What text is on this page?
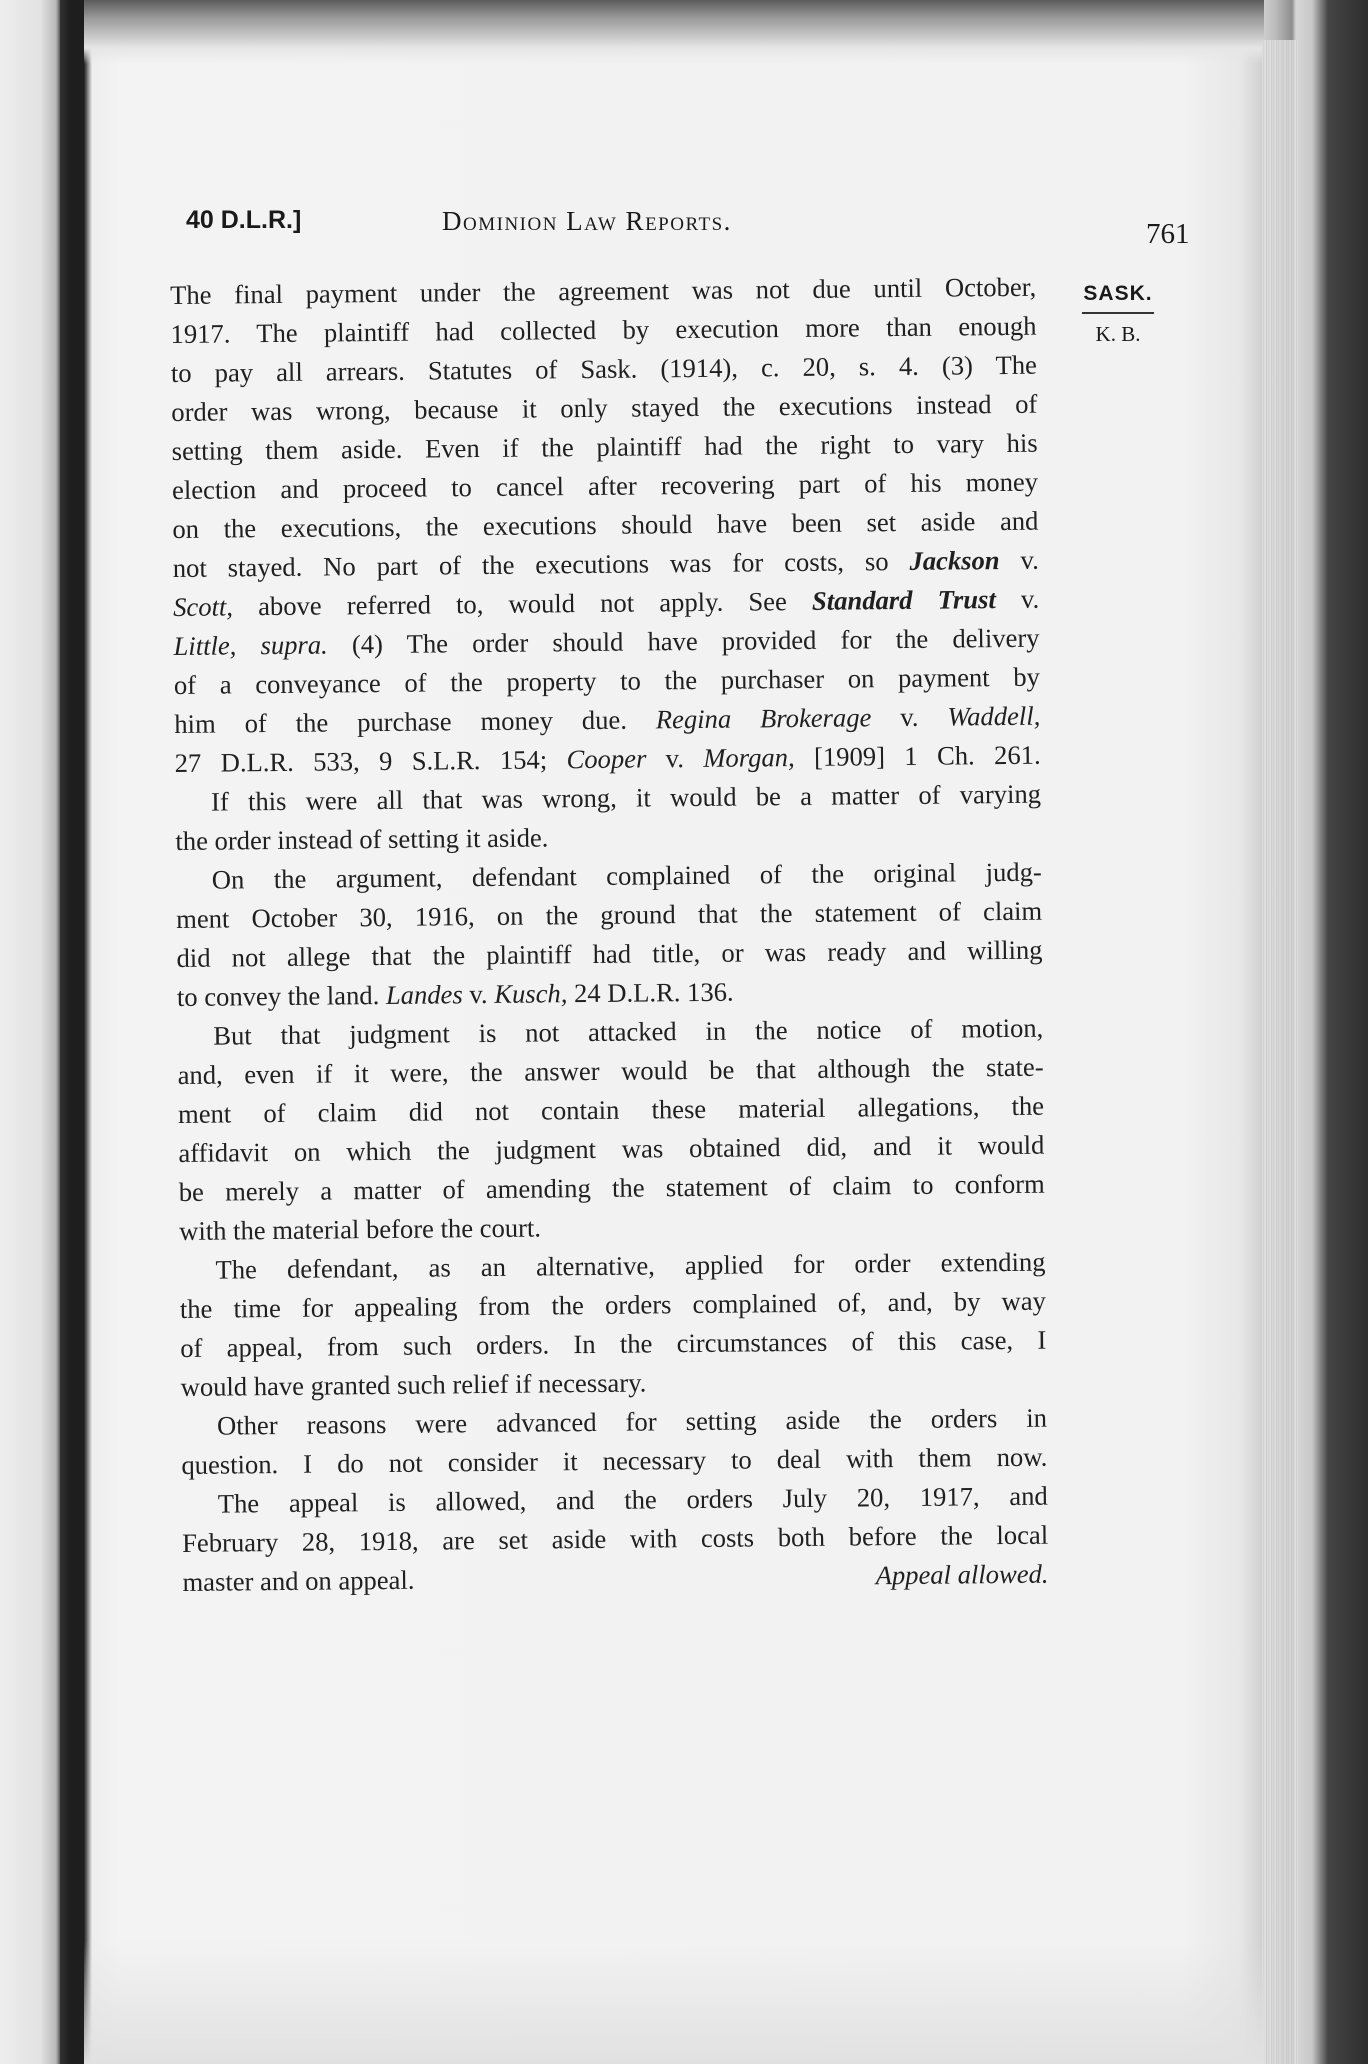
40 D.L.R.]	Dominion Law Reports.	761
SASK.
K. B.
The final payment under the agreement was not due until October,
1917. The plaintiff had collected by execution more than enough
to pay all arrears. Statutes of Sask. (1914), c. 20, s. 4. (3) The
order was wrong, because it only stayed the executions instead of
setting them aside. Even if the plaintiff had the right to vary his
election and proceed to cancel after recovering part of his money
on the executions, the executions should have been set aside and
not stayed. No part of the executions was for costs, so Jackson v.
Scott, above referred to, would not apply. See Standard Trust v.
Little, supra. (4) The order should have provided for the delivery
of a conveyance of the property to the purchaser on payment by
him of the purchase money due. Regina Brokerage v. Waddell,
27 D.L.R. 533, 9 S.L.R. 154; Cooper v. Morgan, [1909] 1 Ch. 261.
If this were all that was wrong, it would be a matter of varying
the order instead of setting it aside.
On the argument, defendant complained of the original judg-
ment October 30, 1916, on the ground that the statement of claim
did not allege that the plaintiff had title, or was ready and willing
to convey the land. Landes v. Kusch, 24 D.L.R. 136.
But that judgment is not attacked in the notice of motion,
and, even if it were, the answer would be that although the state-
ment of claim did not contain these material allegations, the
affidavit on which the judgment was obtained did, and it would
be merely a matter of amending the statement of claim to conform
with the material before the court.
The defendant, as an alternative, applied for order extending
the time for appealing from the orders complained of, and, by way
of appeal, from such orders. In the circumstances of this case, I
would have granted such relief if necessary.
Other reasons were advanced for setting aside the orders in
question. I do not consider it necessary to deal with them now.
The appeal is allowed, and the orders July 20, 1917, and
February 28, 1918, are set aside with costs both before the local
master and on appeal.	Appeal allowed.
